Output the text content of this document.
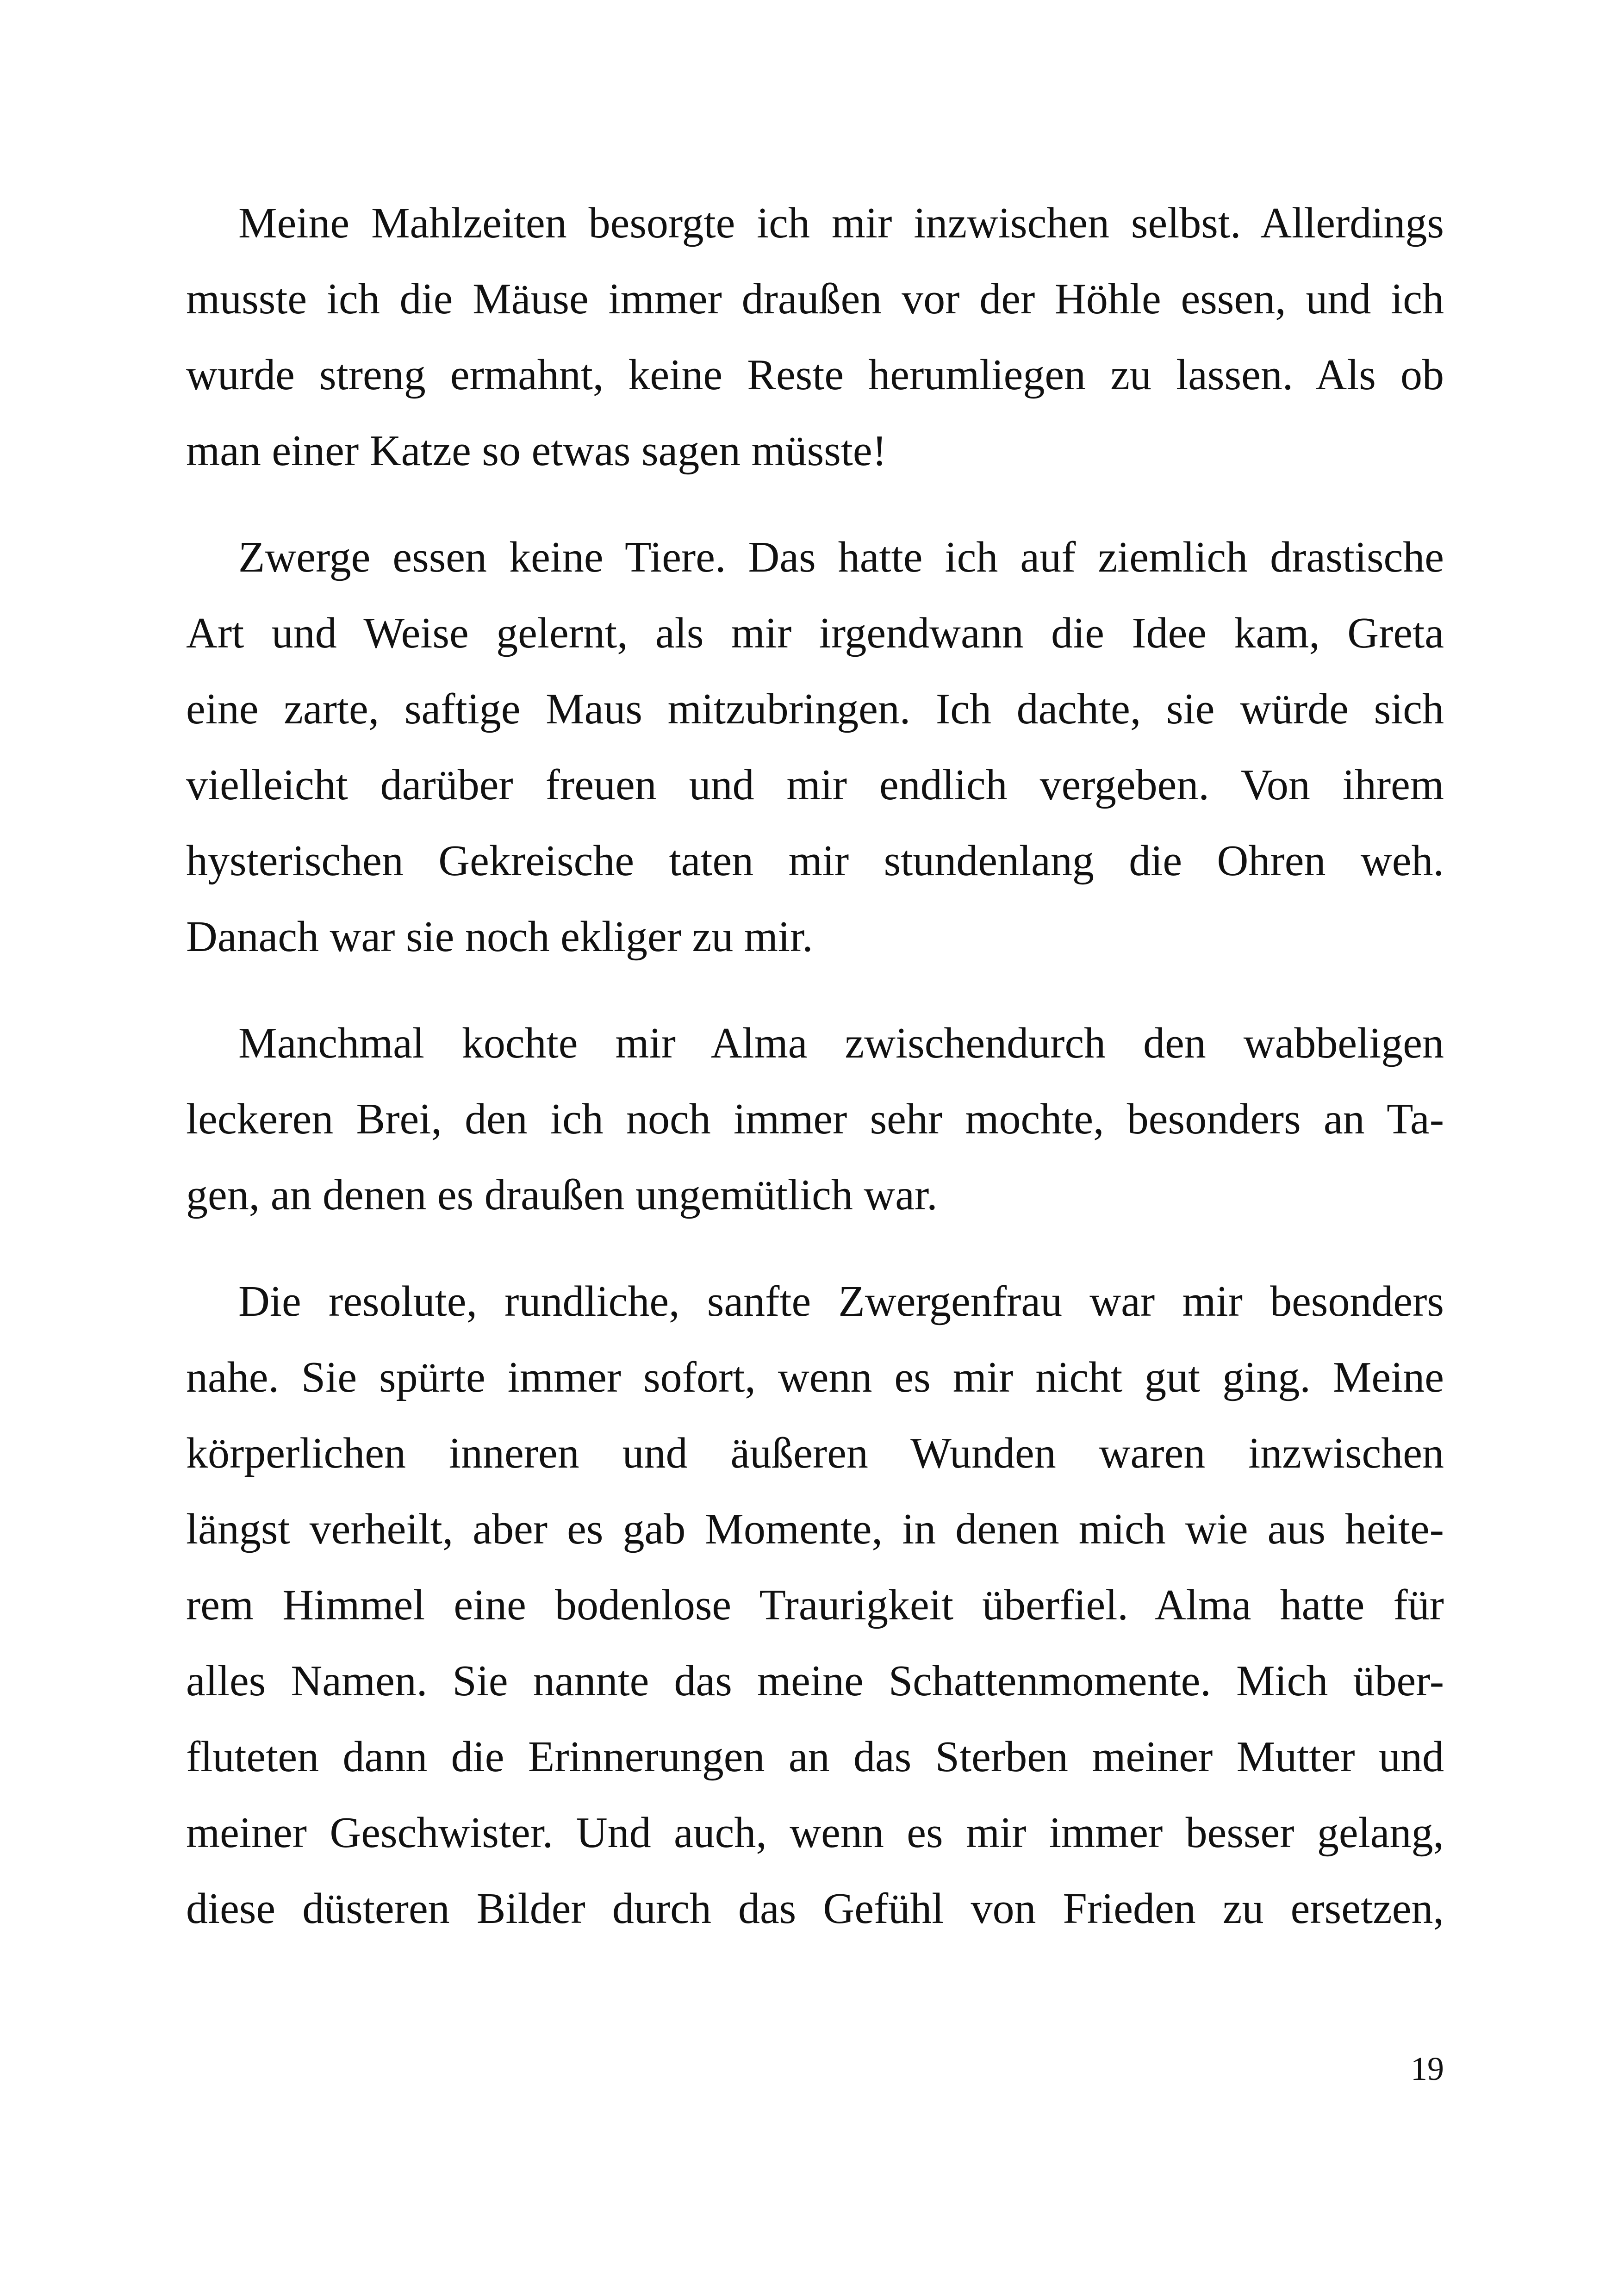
Meine Mahlzeiten besorgte ich mir inzwischen selbst. Allerdings
musste ich die Mäuse immer draußen vor der Höhle essen, und ich
wurde streng ermahnt, keine Reste herumliegen zu lassen. Als ob
man einer Katze so etwas sagen müsste!
Zwerge essen keine Tiere. Das hatte ich auf ziemlich drastische
Art und Weise gelernt, als mir irgendwann die Idee kam, Greta
eine zarte, saftige Maus mitzubringen. Ich dachte, sie würde sich
vielleicht darüber freuen und mir endlich vergeben. Von ihrem
hysterischen Gekreische taten mir stundenlang die Ohren weh.
Danach war sie noch ekliger zu mir.
Manchmal kochte mir Alma zwischendurch den wabbeligen
leckeren Brei, den ich noch immer sehr mochte, besonders an Ta-
gen, an denen es draußen ungemütlich war.
Die resolute, rundliche, sanfte Zwergenfrau war mir besonders
nahe. Sie spürte immer sofort, wenn es mir nicht gut ging. Meine
körperlichen inneren und äußeren Wunden waren inzwischen
längst verheilt, aber es gab Momente, in denen mich wie aus heite-
rem Himmel eine bodenlose Traurigkeit überfiel. Alma hatte für
alles Namen. Sie nannte das meine Schattenmomente. Mich über-
fluteten dann die Erinnerungen an das Sterben meiner Mutter und
meiner Geschwister. Und auch, wenn es mir immer besser gelang,
diese düsteren Bilder durch das Gefühl von Frieden zu ersetzen,
19
